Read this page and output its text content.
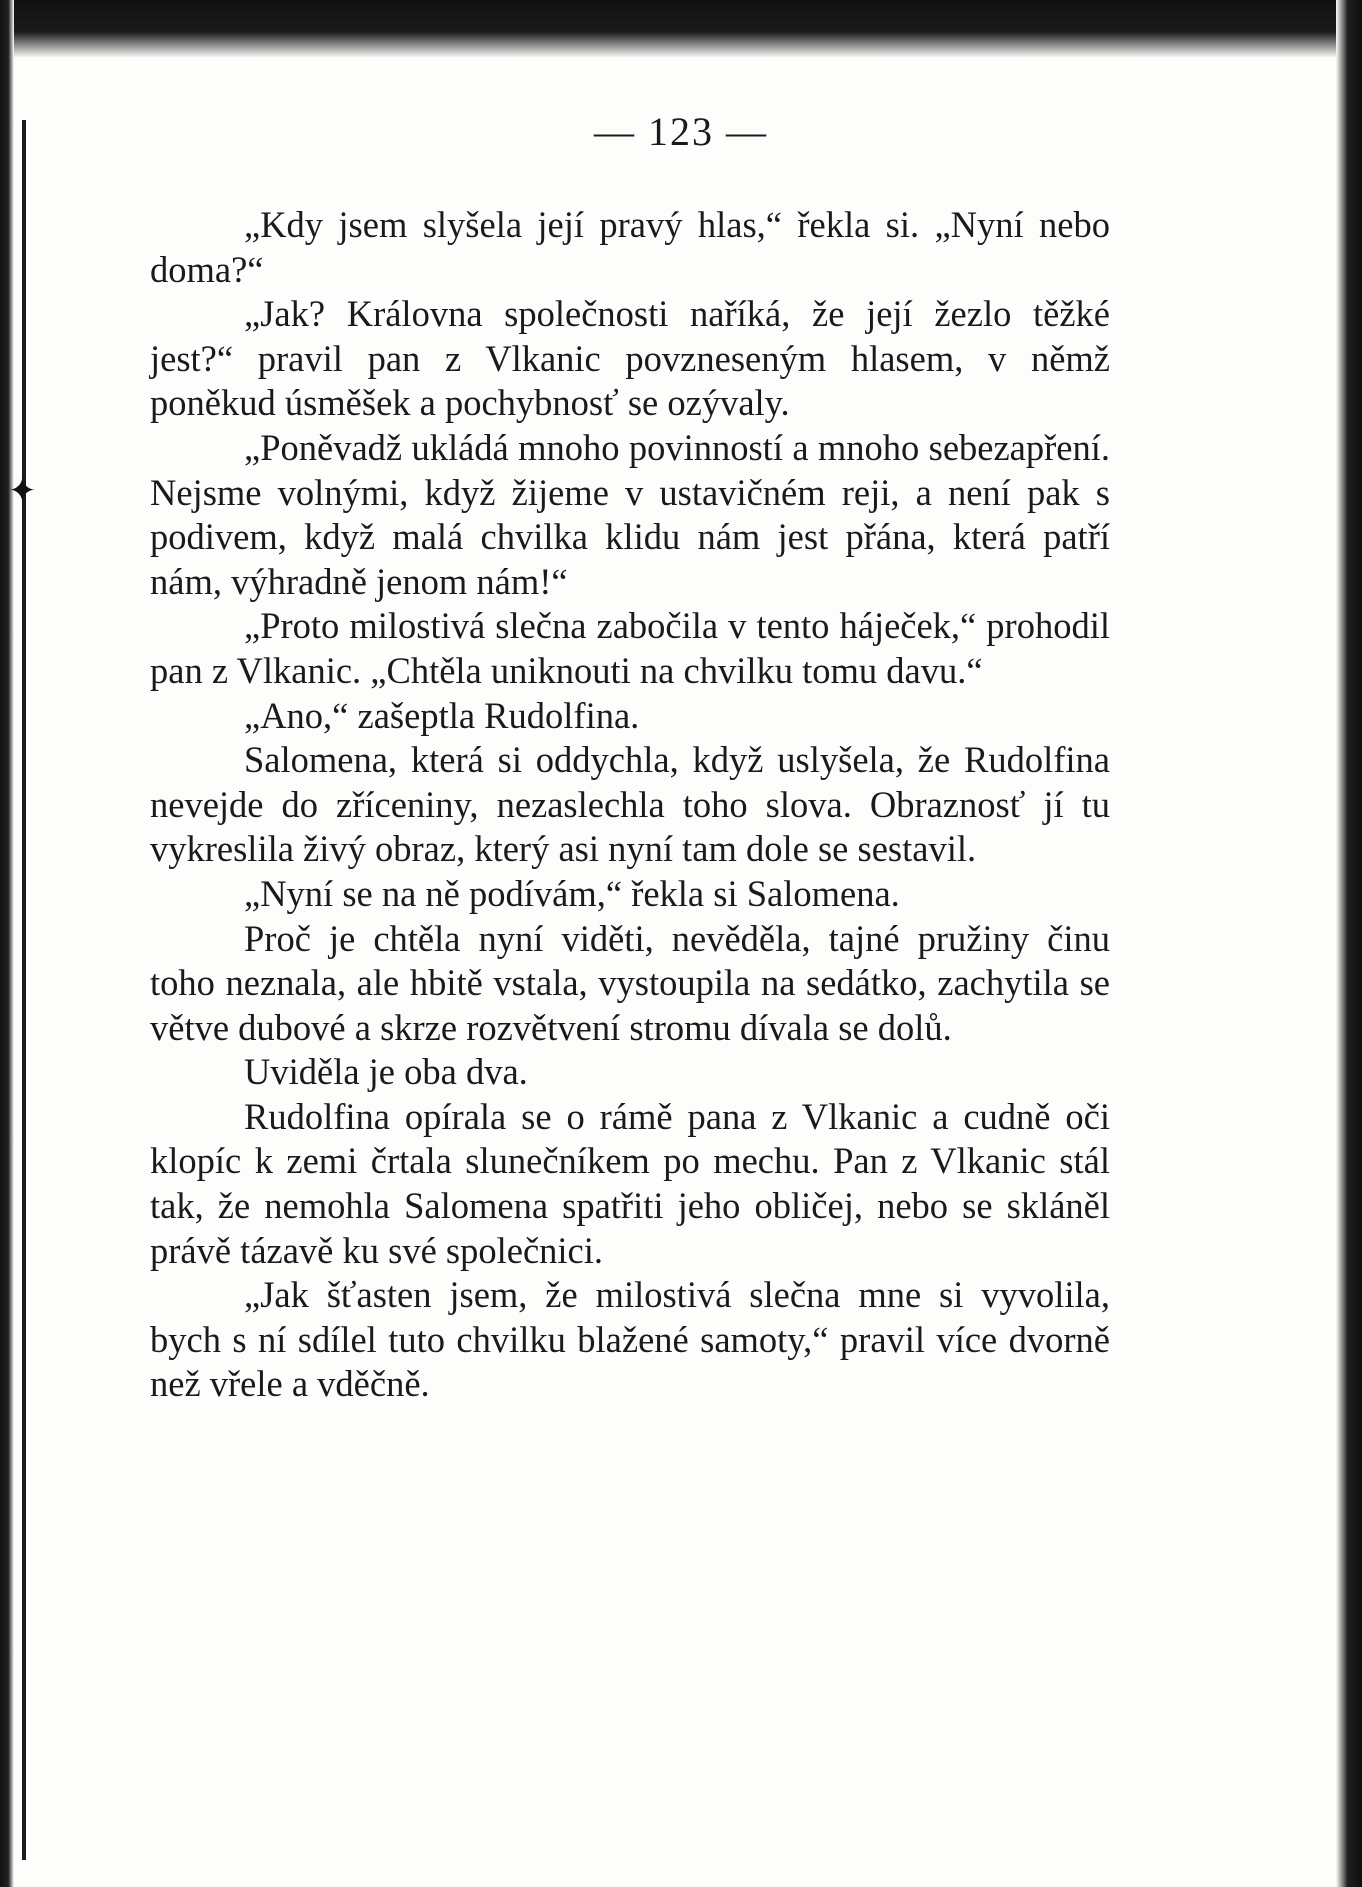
✦
— 123 —

„Kdy jsem slyšela její pravý hlas,“ řekla si. „Nyní nebo doma?“

„Jak? Královna společnosti naříká, že její žezlo těžké jest?“ pravil pan z Vlkanic povzneseným hlasem, v němž poněkud úsměšek a pochybnosť se ozývaly.

„Poněvadž ukládá mnoho povinností a mnoho sebezapření. Nejsme volnými, když žijeme v ustavičném reji, a není pak s podivem, když malá chvilka klidu nám jest přána, která patří nám, výhradně jenom nám!“

„Proto milostivá slečna zabočila v tento háječek,“ prohodil pan z Vlkanic. „Chtěla uniknouti na chvilku tomu davu.“

„Ano,“ zašeptla Rudolfina.

Salomena, která si oddychla, když uslyšela, že Rudolfina nevejde do zříceniny, nezaslechla toho slova. Obraznosť jí tu vykreslila živý obraz, který asi nyní tam dole se sestavil.

„Nyní se na ně podívám,“ řekla si Salomena.

Proč je chtěla nyní viděti, nevěděla, tajné pružiny činu toho neznala, ale hbitě vstala, vystoupila na sedátko, zachytila se větve dubové a skrze rozvětvení stromu dívala se dolů.

Uviděla je oba dva.

Rudolfina opírala se o rámě pana z Vlkanic a cudně oči klopíc k zemi črtala slunečníkem po mechu. Pan z Vlkanic stál tak, že nemohla Salomena spatřiti jeho obličej, nebo se skláněl právě tázavě ku své společnici.

„Jak šťasten jsem, že milostivá slečna mne si vyvolila, bych s ní sdílel tuto chvilku blažené samoty,“ pravil více dvorně než vřele a vděčně.
